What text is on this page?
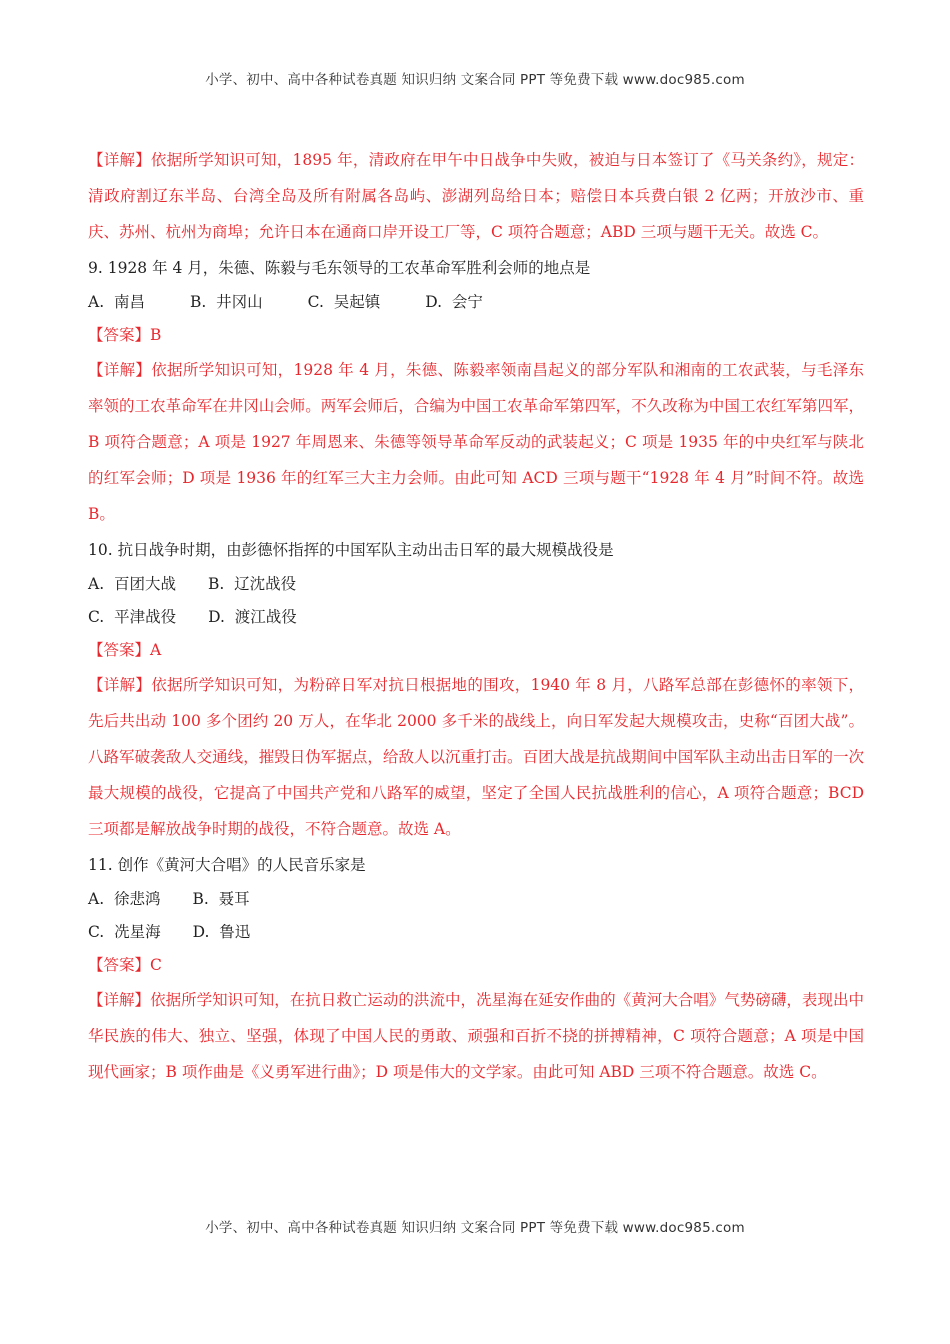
小学、初中、高中各种试卷真题 知识归纳 文案合同 PPT 等免费下载 www.doc985.com
【详解】依据所学知识可知，1895 年，清政府在甲午中日战争中失败，被迫与日本签订了《马关条约》，规定：清政府割辽东半岛、台湾全岛及所有附属各岛屿、澎湖列岛给日本；赔偿日本兵费白银 2 亿两；开放沙市、重庆、苏州、杭州为商埠；允许日本在通商口岸开设工厂等，C 项符合题意；ABD 三项与题干无关。故选 C。
9. 1928 年 4 月，朱德、陈毅与毛东领导的工农革命军胜利会师的地点是
A.  南昌	B.  井冈山	C.  吴起镇	D.  会宁
【答案】B
【详解】依据所学知识可知，1928 年 4 月，朱德、陈毅率领南昌起义的部分军队和湘南的工农武装，与毛泽东率领的工农革命军在井冈山会师。两军会师后，合编为中国工农革命军第四军，不久改称为中国工农红军第四军，B 项符合题意；A 项是 1927 年周恩来、朱德等领导革命军反动的武装起义；C 项是 1935 年的中央红军与陕北的红军会师；D 项是 1936 年的红军三大主力会师。由此可知 ACD 三项与题干“1928 年 4 月”时间不符。故选 B。
10. 抗日战争时期，由彭德怀指挥的中国军队主动出击日军的最大规模战役是
A.  百团大战 B.  辽沈战役
C.  平津战役 D.  渡江战役
【答案】A
【详解】依据所学知识可知，为粉碎日军对抗日根据地的围攻，1940 年 8 月，八路军总部在彭德怀的率领下，先后共出动 100 多个团约 20 万人，在华北 2000 多千米的战线上，向日军发起大规模攻击，史称“百团大战”。八路军破袭敌人交通线，摧毁日伪军据点，给敌人以沉重打击。百团大战是抗战期间中国军队主动出击日军的一次最大规模的战役，它提高了中国共产党和八路军的威望，坚定了全国人民抗战胜利的信心，A 项符合题意；BCD 三项都是解放战争时期的战役，不符合题意。故选 A。
11. 创作《黄河大合唱》的人民音乐家是
A.  徐悲鸿 B.  聂耳
C.  冼星海 D.  鲁迅
【答案】C
【详解】依据所学知识可知，在抗日救亡运动的洪流中，冼星海在延安作曲的《黄河大合唱》气势磅礴，表现出中华民族的伟大、独立、坚强，体现了中国人民的勇敢、顽强和百折不挠的拼搏精神，C 项符合题意；A 项是中国现代画家；B 项作曲是《义勇军进行曲》；D 项是伟大的文学家。由此可知 ABD 三项不符合题意。故选 C。
小学、初中、高中各种试卷真题 知识归纳 文案合同 PPT 等免费下载 www.doc985.com
